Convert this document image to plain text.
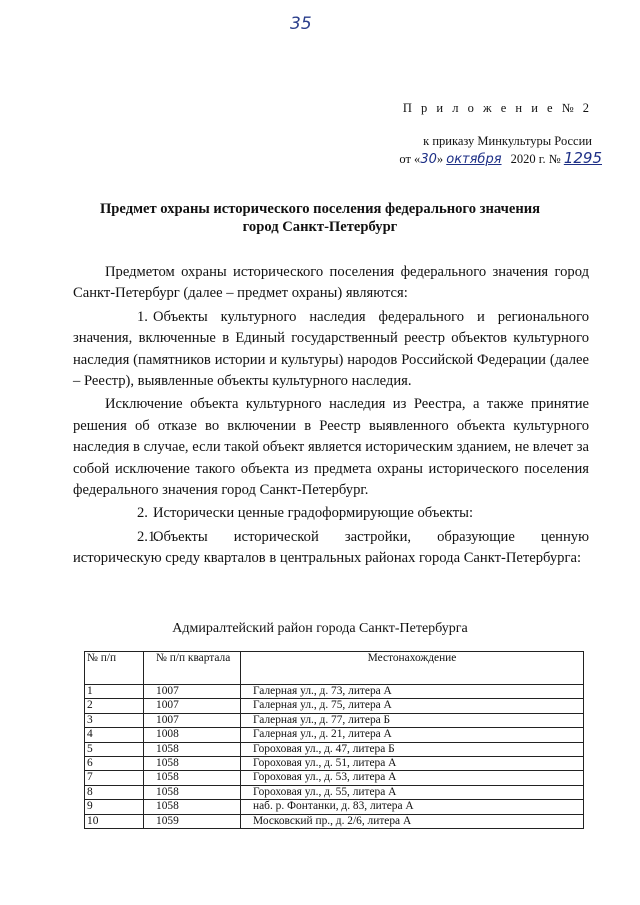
35
П р и л о ж е н и е № 2
к приказу Минкультуры России
от «30» октября 2020 г. № 1295
Предмет охраны исторического поселения федерального значения
город Санкт-Петербург

Предметом охраны исторического поселения федерального значения город Санкт-Петербург (далее – предмет охраны) являются:

1. Объекты культурного наследия федерального и регионального значения, включенные в Единый государственный реестр объектов культурного наследия (памятников истории и культуры) народов Российской Федерации (далее – Реестр), выявленные объекты культурного наследия.

Исключение объекта культурного наследия из Реестра, а также принятие решения об отказе во включении в Реестр выявленного объекта культурного наследия в случае, если такой объект является историческим зданием, не влечет за собой исключение такого объекта из предмета охраны исторического поселения федерального значения город Санкт-Петербург.

2. Исторически ценные градоформирующие объекты:

2.1.Объекты исторической застройки, образующие ценную историческую среду кварталов в центральных районах города Санкт-Петербурга:

Адмиралтейский район города Санкт-Петербурга
№ п/п	№ п/п квартала	Местонахождение
1	1007	Галерная ул., д. 73, литера А
2	1007	Галерная ул., д. 75, литера А
3	1007	Галерная ул., д. 77, литера Б
4	1008	Галерная ул., д. 21, литера А
5	1058	Гороховая ул., д. 47, литера Б
6	1058	Гороховая ул., д. 51, литера А
7	1058	Гороховая ул., д. 53, литера А
8	1058	Гороховая ул., д. 55, литера А
9	1058	наб. р. Фонтанки, д. 83, литера А
10	1059	Московский пр., д. 2/6, литера А
